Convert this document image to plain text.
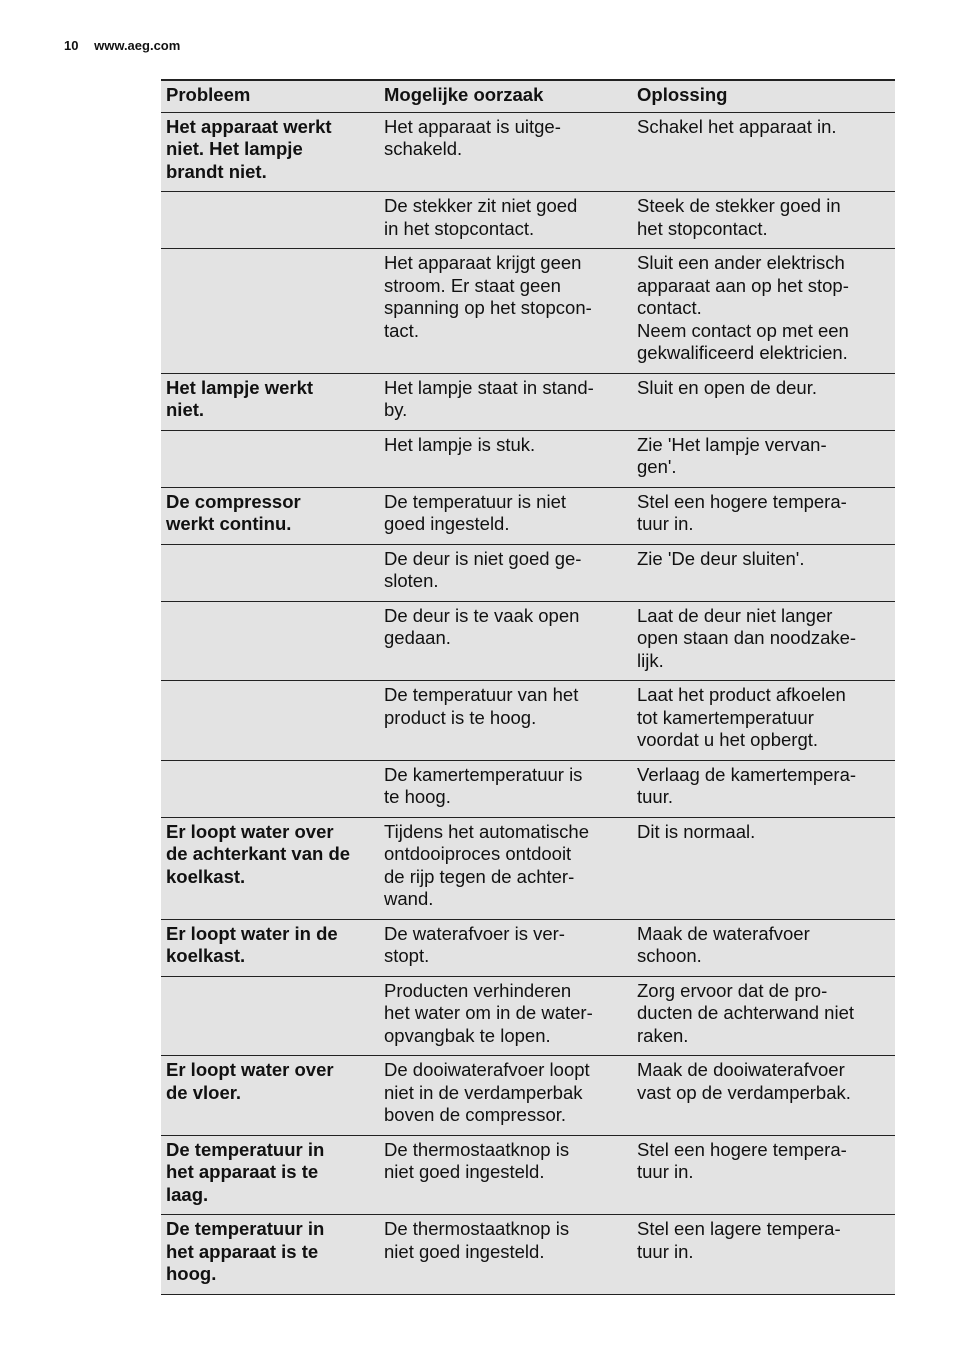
10 www.aeg.com
Probleem	Mogelijke oorzaak	Oplossing
Het apparaat werkt
niet. Het lampje
brandt niet.	Het apparaat is uitge-
schakeld.	Schakel het apparaat in.
	De stekker zit niet goed
in het stopcontact.	Steek de stekker goed in
het stopcontact.
	Het apparaat krijgt geen
stroom. Er staat geen
spanning op het stopcon-
tact.	Sluit een ander elektrisch
apparaat aan op het stop-
contact.
Neem contact op met een
gekwalificeerd elektricien.
Het lampje werkt
niet.	Het lampje staat in stand-
by.	Sluit en open de deur.
	Het lampje is stuk.	Zie 'Het lampje vervan-
gen'.
De compressor
werkt continu.	De temperatuur is niet
goed ingesteld.	Stel een hogere tempera-
tuur in.
	De deur is niet goed ge-
sloten.	Zie 'De deur sluiten'.
	De deur is te vaak open
gedaan.	Laat de deur niet langer
open staan dan noodzake-
lijk.
	De temperatuur van het
product is te hoog.	Laat het product afkoelen
tot kamertemperatuur
voordat u het opbergt.
	De kamertemperatuur is
te hoog.	Verlaag de kamertempera-
tuur.
Er loopt water over
de achterkant van de
koelkast.	Tijdens het automatische
ontdooiproces ontdooit
de rijp tegen de achter-
wand.	Dit is normaal.
Er loopt water in de
koelkast.	De waterafvoer is ver-
stopt.	Maak de waterafvoer
schoon.
	Producten verhinderen
het water om in de water-
opvangbak te lopen.	Zorg ervoor dat de pro-
ducten de achterwand niet
raken.
Er loopt water over
de vloer.	De dooiwaterafvoer loopt
niet in de verdamperbak
boven de compressor.	Maak de dooiwaterafvoer
vast op de verdamperbak.
De temperatuur in
het apparaat is te
laag.	De thermostaatknop is
niet goed ingesteld.	Stel een hogere tempera-
tuur in.
De temperatuur in
het apparaat is te
hoog.	De thermostaatknop is
niet goed ingesteld.	Stel een lagere tempera-
tuur in.
